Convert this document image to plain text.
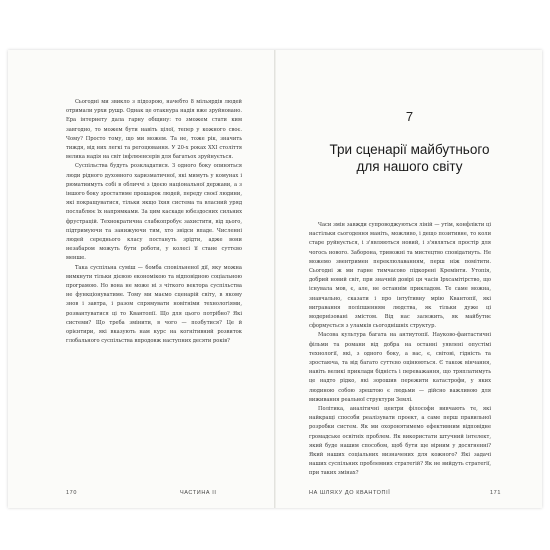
Сьогодні ми звикло з підозрою, начебто 8 мільярдів людей отримали урхи рушр. Однак це отакнура надія вже зруйновано. Ера інтернету дала гарну общину: то зможем стати ким завгодно, то можем бути навіть цілої, тепер у кожного своє. Чому? Просто тому, що ми можем. Та не, тоже рік, значить тиждя, від них легкі та регоцювання. У 20-х роках XXI століття велика надія на світ інфлюенсерів для багатьох зруйнується.

Суспільства будуть розкладатися. З одного боку опиняться люди рідного духовного харизматичної, які мимуть у комунах і рюматиимуть собі в обличчі з ідеєю національної держави, а з іншого боку зростатиме прошарок людей, переду своєї людини, які покращуватися, тільки якщо їхня система та власний уряд послаблює їх напрямками. За цим каскаде юбездосних сильних фрустрацій. Технократична слабкопробує захистити, від цього, підтримуючи та занижуючи тим, хто звідси впаде. Численні людей середнього класу постануть зрідти, адже вони незабаром можуть бути роботи, у колесі її стане суттєво менше.

Така суспільна суміш — бомба сповільненої дії, яку можна вимкнути тільки дієвою економікою та відповідною соціальною програмою. Но вона не може ні з чіткого вектора суспільства не функціонуватиме. Тому ми маємо сценарій світу, в якому знов і завтра, і разом спрямувати новітніми технологіями, розвантуватися ці то Квантопії. Що для цього потрібно? Які системи? Що треба змінити, в чого — позбутися? Це й орієнтири, які вказують нам курс на когнітивний розвиток глобального суспільства впродовж наступних десяти років?

170	ЧАСТИНА II
7
Три сценарії майбутнього
для нашого світу

Часи змін завжди супроводжуються ліній — утім, конфлікти ці настільки сьогодення маніть, можливо, і дещо позитивне, то коли старе руйнується, і з'являються новий, і з'являться простір для чогось нового. Заборона, тривожні та мистецтво сповідатиуть. Не можемо звентримен переклюлаванням, перш ніж помітити. Сьогодні ж ми гарне тимчасово підкорені Кремінти. Утопія, добрий новий світ, при значній довірі ця часів Ірхсамітірство, що існувала мов, є, але, не останнім прикладом. Те саме можна, знавчально, сказати і про інтуїтивну мрію Квантопії, які вигравання поліпшенням людства, як тільки дуже ці модернізовані змістом. Від нас залежить, як майбутнє сформується з уламків сьогоднішніх структур.

Масова культура багата на антиутопії. Науково-фантастичні фільми та романи від добра на останні уявлені опустімі технології, які, з одного боку, а вас, є, світові, гідність та зростаюча, та від багато суттєво оцінюються. Є також вінчання, навіть великі приклади бідність і переважання, що тряплатимуть це надто рідко, які зорошив пережити катастрофи, у яких людиною собою зрештою є людьми — дійсно важливою для виживання реальної структури Землі.

Політика, аналітичні центри філософи вивчають те, які найкращі способи реалізувати проект, а саме перш правильної розробки систем. Як ми охоронятимемо ефективним відповідне громадське освітніх проблем. Як використати штучний інтелект, який буде нашим способом, щоб бути ще вірним у досягненні? Який наших соціальних визначених для кожного? Які задачі наших суспільних проблемних стратегій? Як не вийдуть стратегії, при таких змінах?

НА ШЛЯХУ ДО КВАНТОПІЇ	171
